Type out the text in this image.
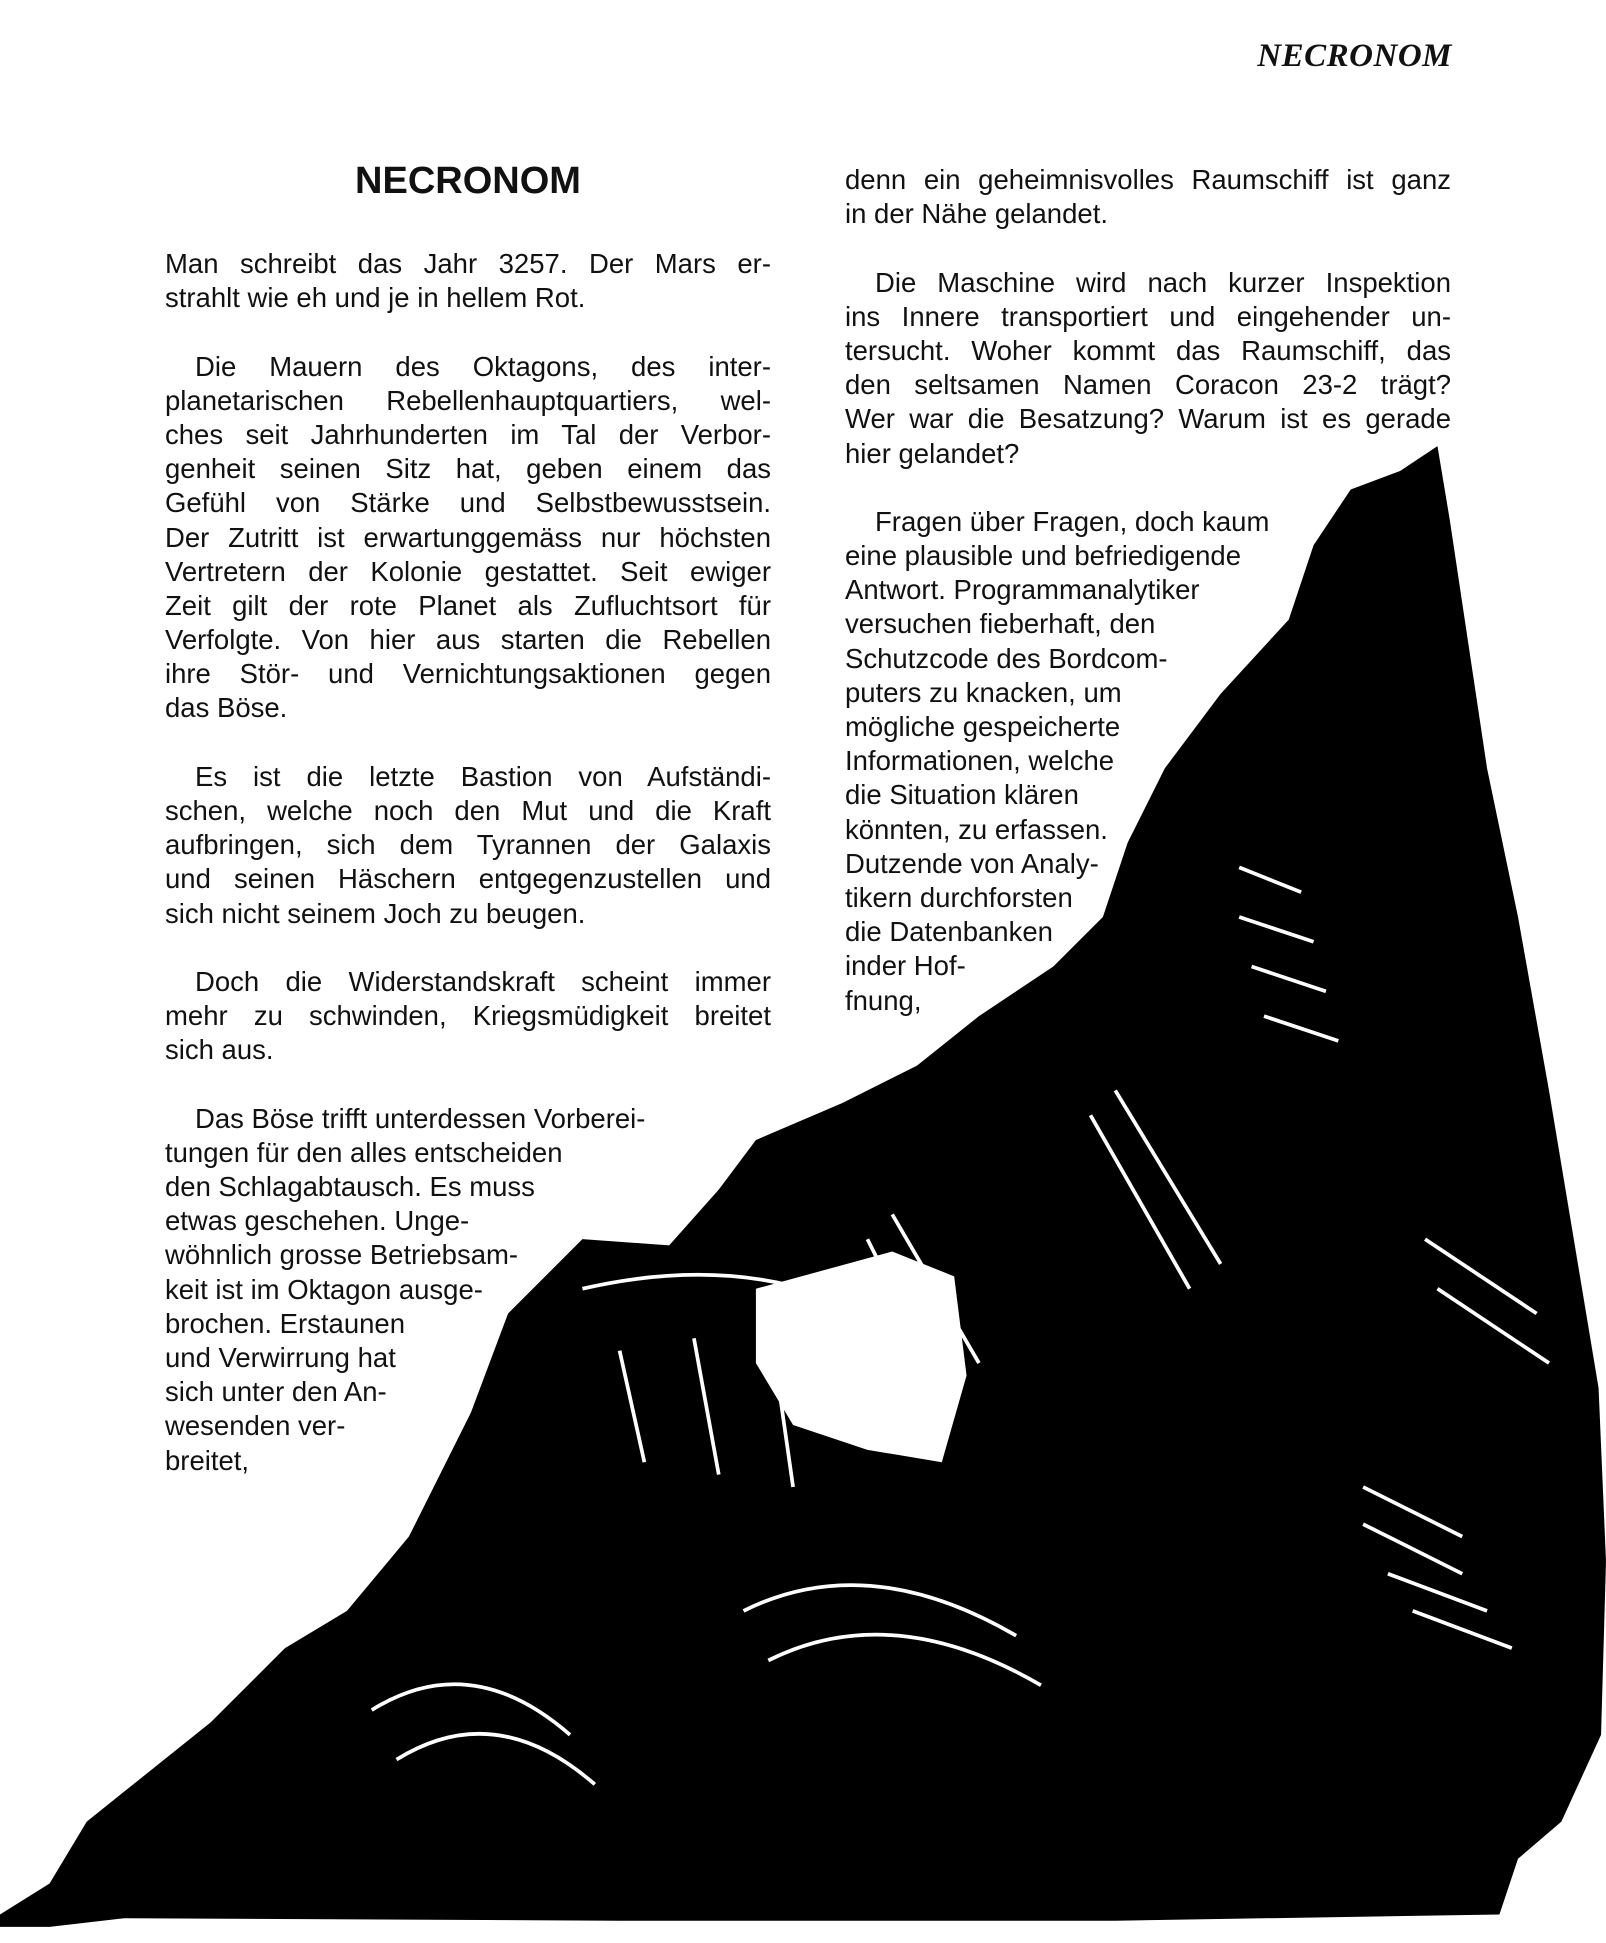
NECRONOM
NECRONOM
Man schreibt das Jahr 3257. Der Mars er-
strahlt wie eh und je in hellem Rot.
Die Mauern des Oktagons, des inter-
planetarischen Rebellenhauptquartiers, wel-
ches seit Jahrhunderten im Tal der Verbor-
genheit seinen Sitz hat, geben einem das
Gefühl von Stärke und Selbstbewusstsein.
Der Zutritt ist erwartunggemäss nur höchsten
Vertretern der Kolonie gestattet. Seit ewiger
Zeit gilt der rote Planet als Zufluchtsort für
Verfolgte. Von hier aus starten die Rebellen
ihre Stör- und Vernichtungsaktionen gegen
das Böse.
Es ist die letzte Bastion von Aufständi-
schen, welche noch den Mut und die Kraft
aufbringen, sich dem Tyrannen der Galaxis
und seinen Häschern entgegenzustellen und
sich nicht seinem Joch zu beugen.
Doch die Widerstandskraft scheint immer
mehr zu schwinden, Kriegsmüdigkeit breitet
sich aus.
Das Böse trifft unterdessen Vorberei-
tungen für den alles entscheiden
den Schlagabtausch. Es muss
etwas geschehen. Unge-
wöhnlich grosse Betriebsam-
keit ist im Oktagon ausge-
brochen. Erstaunen
und Verwirrung hat
sich unter den An-
wesenden ver-
breitet,
denn ein geheimnisvolles Raumschiff ist ganz
in der Nähe gelandet.
Die Maschine wird nach kurzer Inspektion
ins Innere transportiert und eingehender un-
tersucht. Woher kommt das Raumschiff, das
den seltsamen Namen Coracon 23-2 trägt?
Wer war die Besatzung? Warum ist es gerade
hier gelandet?
Fragen über Fragen, doch kaum
eine plausible und befriedigende
Antwort. Programmanalytiker
versuchen fieberhaft, den
Schutzcode des Bordcom-
puters zu knacken, um
mögliche gespeicherte
Informationen, welche
die Situation klären
könnten, zu erfassen.
Dutzende von Analy-
tikern durchforsten
die Datenbanken
inder Hof-
fnung,
